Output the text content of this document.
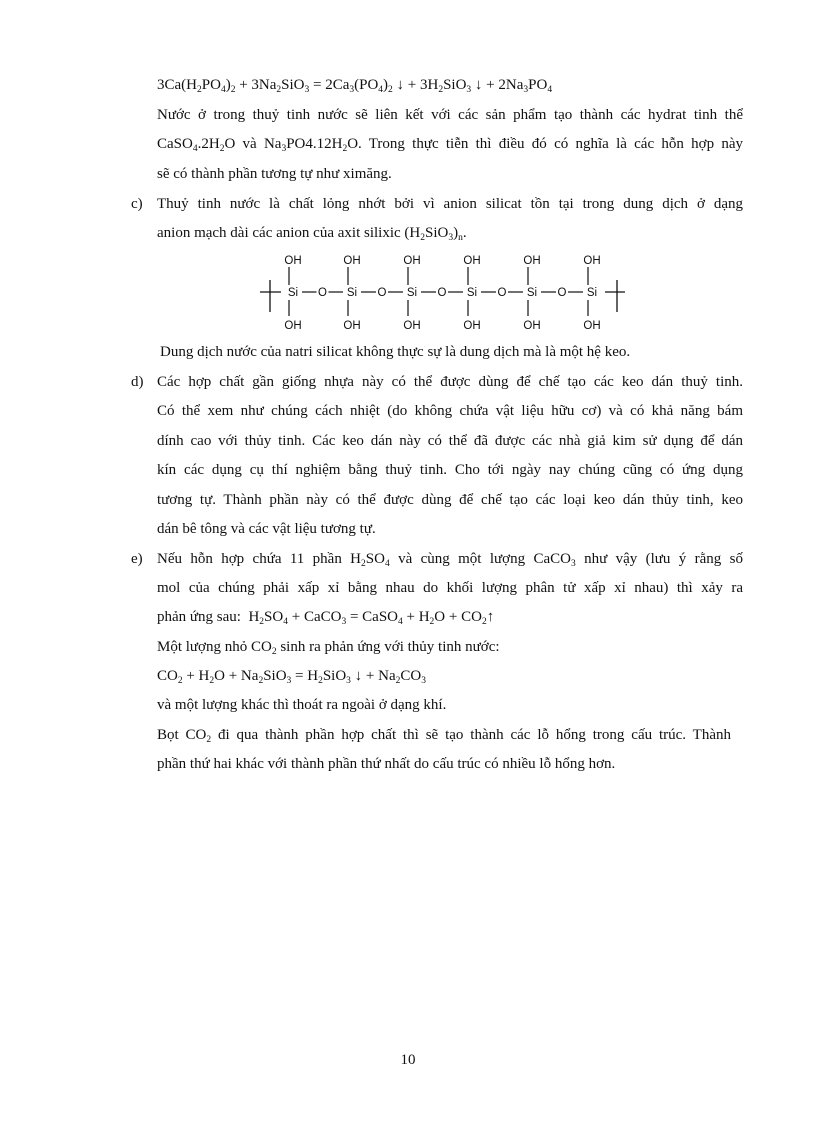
$3Ca(H_2PO_4)_2 + 3Na_2SiO_3 = 2Ca_3(PO_4)_2$ ↓ + $3H_2SiO_3$ ↓ + $2Na_3PO_4$
Nước ở trong thuỷ tinh nước sẽ liên kết với các sản phẩm tạo thành các hydrat tinh thể
$CaSO_4.2H_2O$ và $Na_3PO4.12H_2O$. Trong thực tiễn thì điều đó có nghĩa là các hỗn hợp này
sẽ có thành phần tương tự như ximăng.
c) Thuỷ tinh nước là chất lỏng nhớt bởi vì anion silicat tồn tại trong dung dịch ở dạng
anion mạch dài các anion của axit silixic $(H_2SiO_3)_n$.
OH
Si
OH
O
OH
Si
OH
O
OH
Si
OH
O
OH
Si
OH
O
OH
Si
OH
O
OH
Si
OH
Dung dịch nước của natri silicat không thực sự là dung dịch mà là một hệ keo.
d) Các hợp chất gần giống nhựa này có thể được dùng để chế tạo các keo dán thuỷ tinh.
Có thể xem như chúng cách nhiệt (do không chứa vật liệu hữu cơ) và có khả năng bám
dính cao với thủy tinh. Các keo dán này có thể đã được các nhà giả kim sử dụng để dán
kín các dụng cụ thí nghiệm bằng thuỷ tinh. Cho tới ngày nay chúng cũng có ứng dụng
tương tự. Thành phần này có thể được dùng để chế tạo các loại keo dán thủy tinh, keo
dán bê tông và các vật liệu tương tự.
e) Nếu hỗn hợp chứa 11 phần $H_2SO_4$ và cùng một lượng CaCO$_3$ như vậy (lưu ý rằng số
mol của chúng phải xấp xỉ bằng nhau do khối lượng phân tử xấp xỉ nhau) thì xảy ra
phản ứng sau:  $H_2SO_4$ + CaCO$_3$ = CaSO$_4$ + $H_2O$ + $CO_2↑$
Một lượng nhỏ $CO_2$ sinh ra phản ứng với thủy tinh nước:
$CO_2 + H_2O + Na_2SiO_3 = H_2SiO_3$ ↓ + $Na_2CO_3$
và một lượng khác thì thoát ra ngoài ở dạng khí.
Bọt $CO_2$ đi qua thành phần hợp chất thì sẽ tạo thành các lỗ hổng trong cấu trúc. Thành
phần thứ hai khác với thành phần thứ nhất do cấu trúc có nhiều lỗ hổng hơn.
10
